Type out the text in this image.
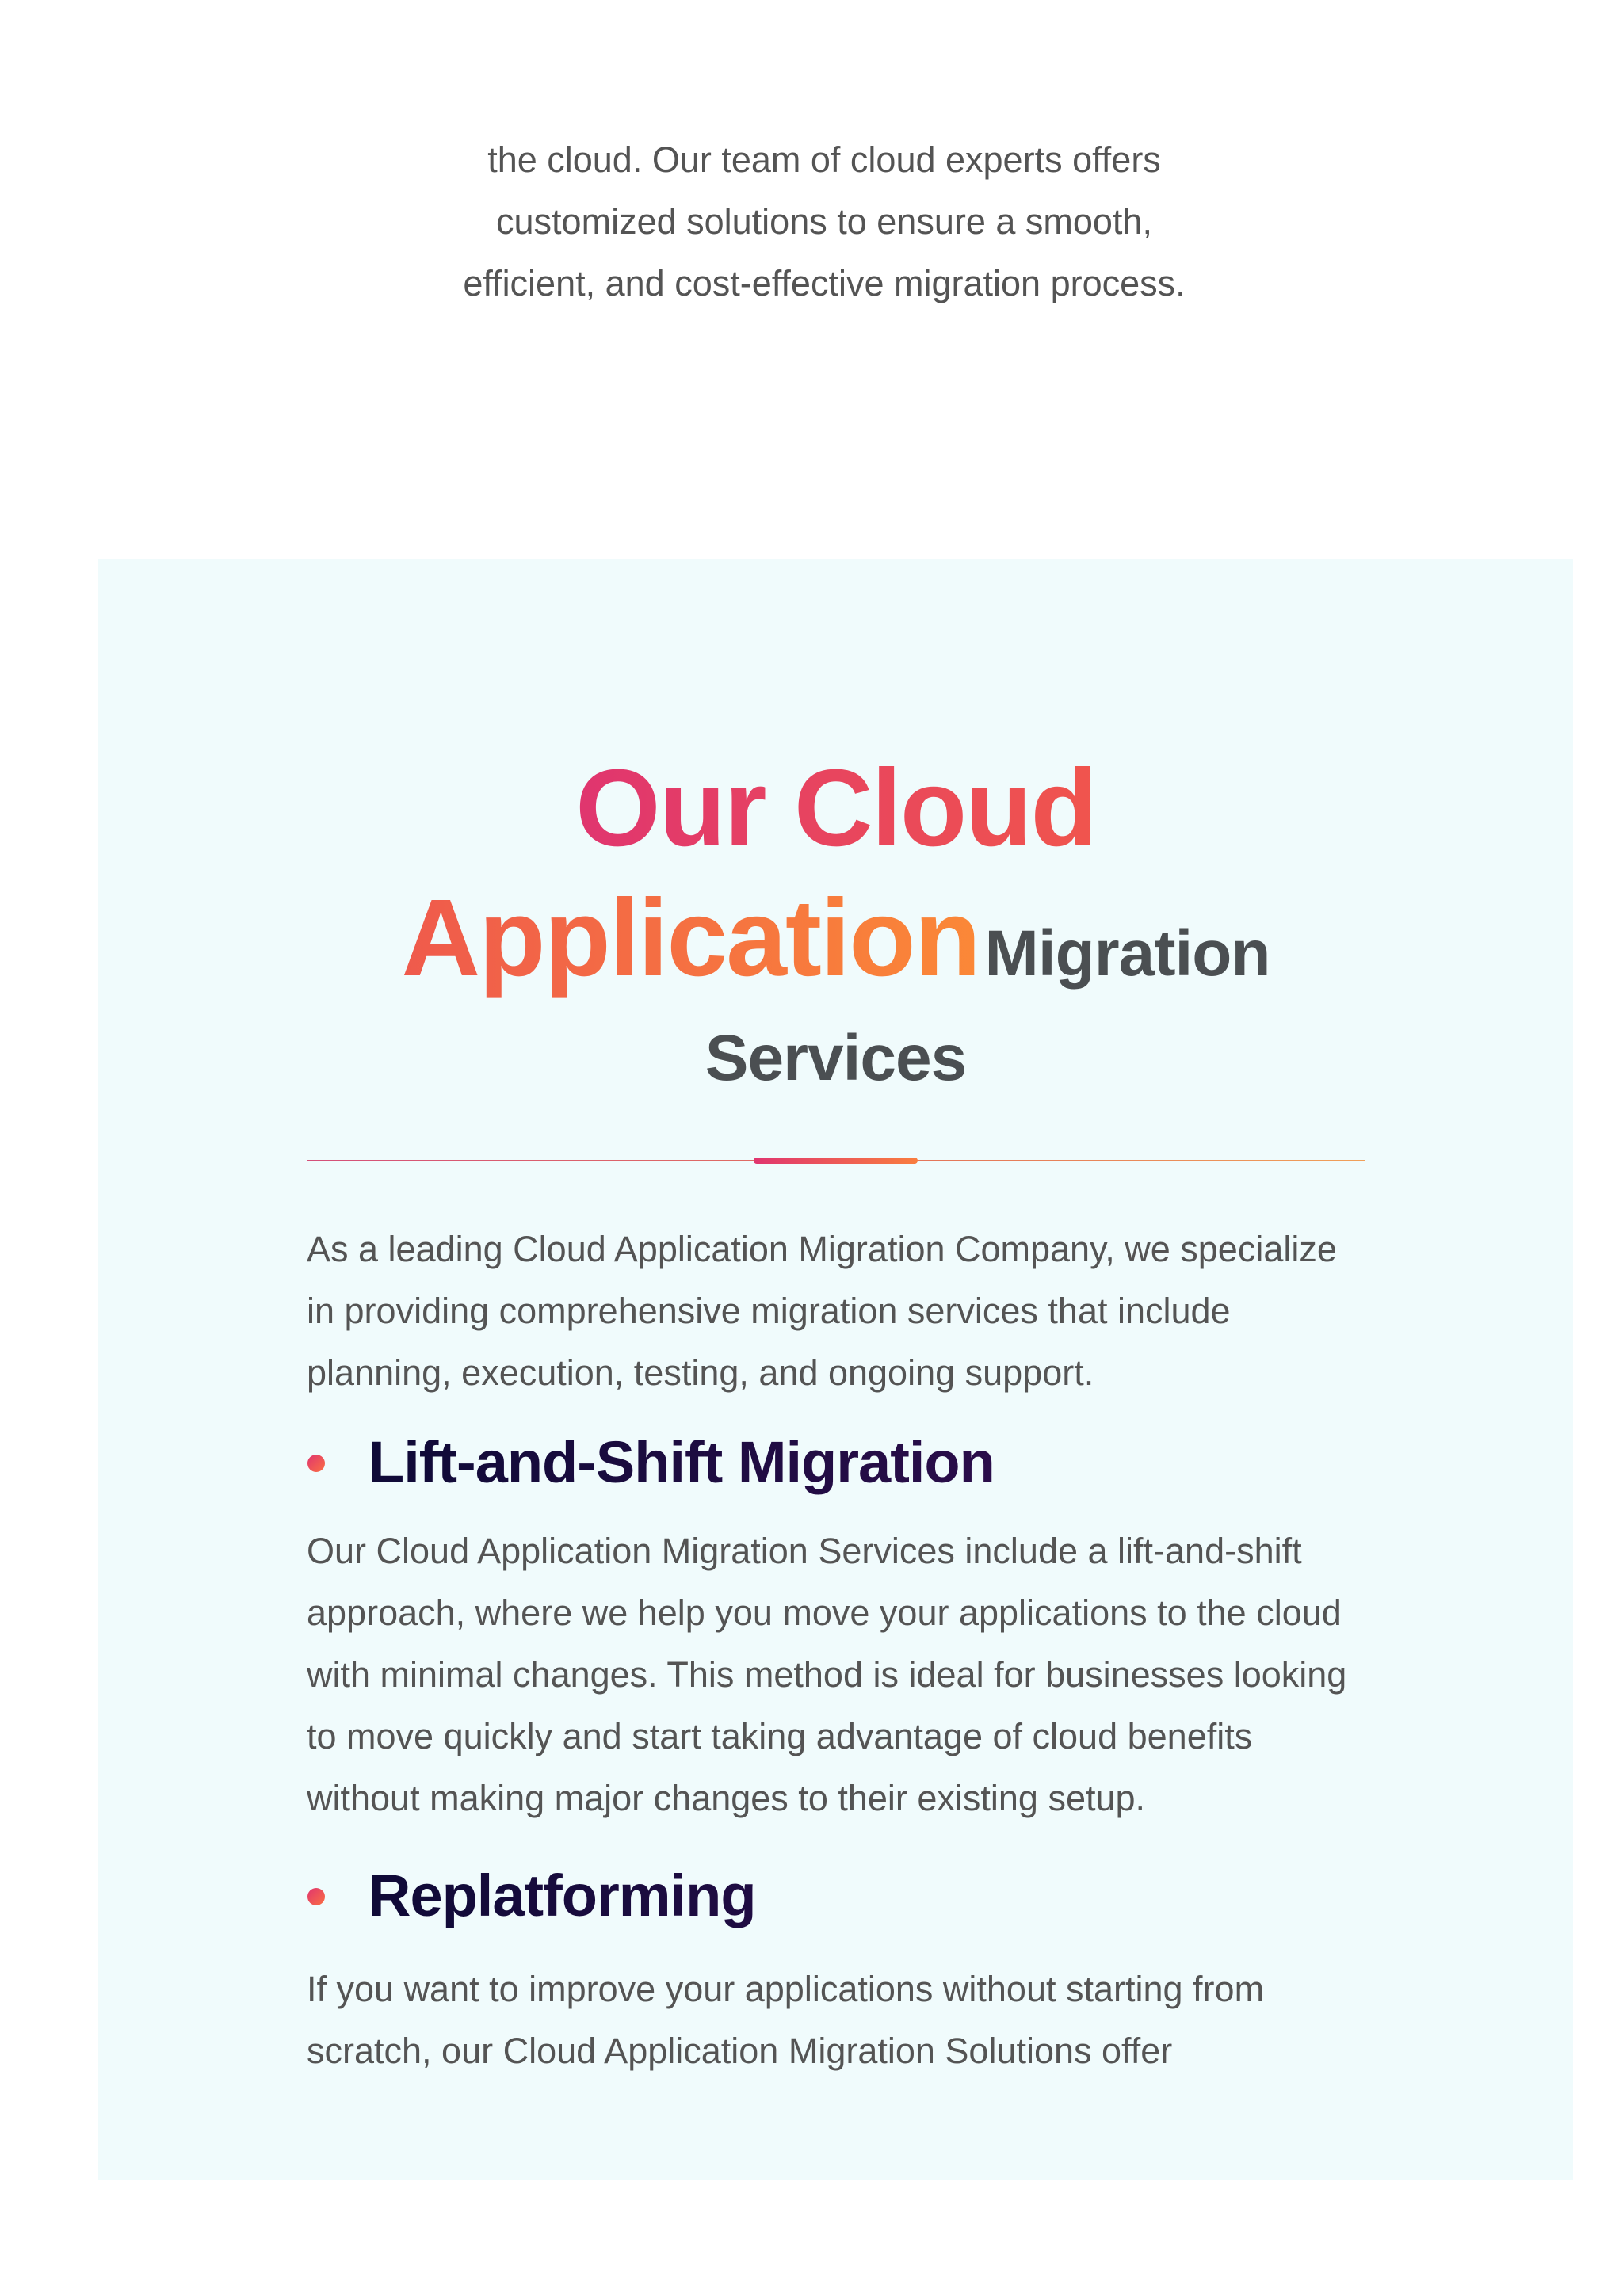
the cloud. Our team of cloud experts offers customized solutions to ensure a smooth, efficient, and cost-effective migration process.

Our Cloud
Application Migration
Services

As a leading Cloud Application Migration Company, we specialize in providing comprehensive migration services that include planning, execution, testing, and ongoing support.

Lift-and-Shift Migration

Our Cloud Application Migration Services include a lift-and-shift approach, where we help you move your applications to the cloud with minimal changes. This method is ideal for businesses looking to move quickly and start taking advantage of cloud benefits without making major changes to their existing setup.

Replatforming

If you want to improve your applications without starting from scratch, our Cloud Application Migration Solutions offer
